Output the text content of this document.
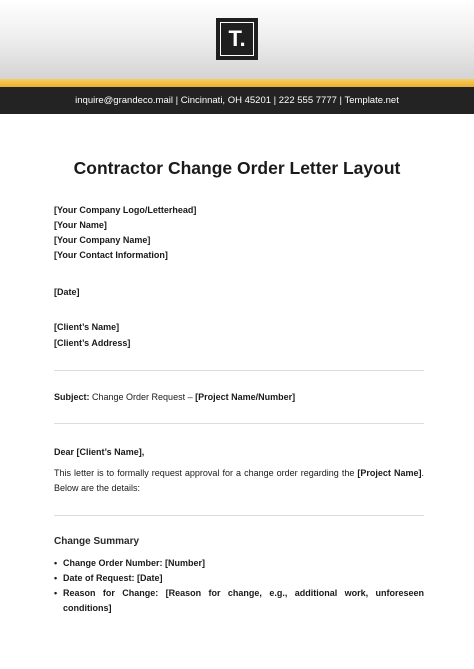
T.
inquire@grandeco.mail | Cincinnati, OH 45201 | 222 555 7777 | Template.net
Contractor Change Order Letter Layout
[Your Company Logo/Letterhead]
[Your Name]
[Your Company Name]
[Your Contact Information]
[Date]
[Client’s Name]
[Client’s Address]
Subject: Change Order Request – [Project Name/Number]
Dear [Client’s Name],
This letter is to formally request approval for a change order regarding the [Project Name]. Below are the details:
Change Summary
• Change Order Number: [Number]
• Date of Request: [Date]
• Reason for Change: [Reason for change, e.g., additional work, unforeseen conditions]
